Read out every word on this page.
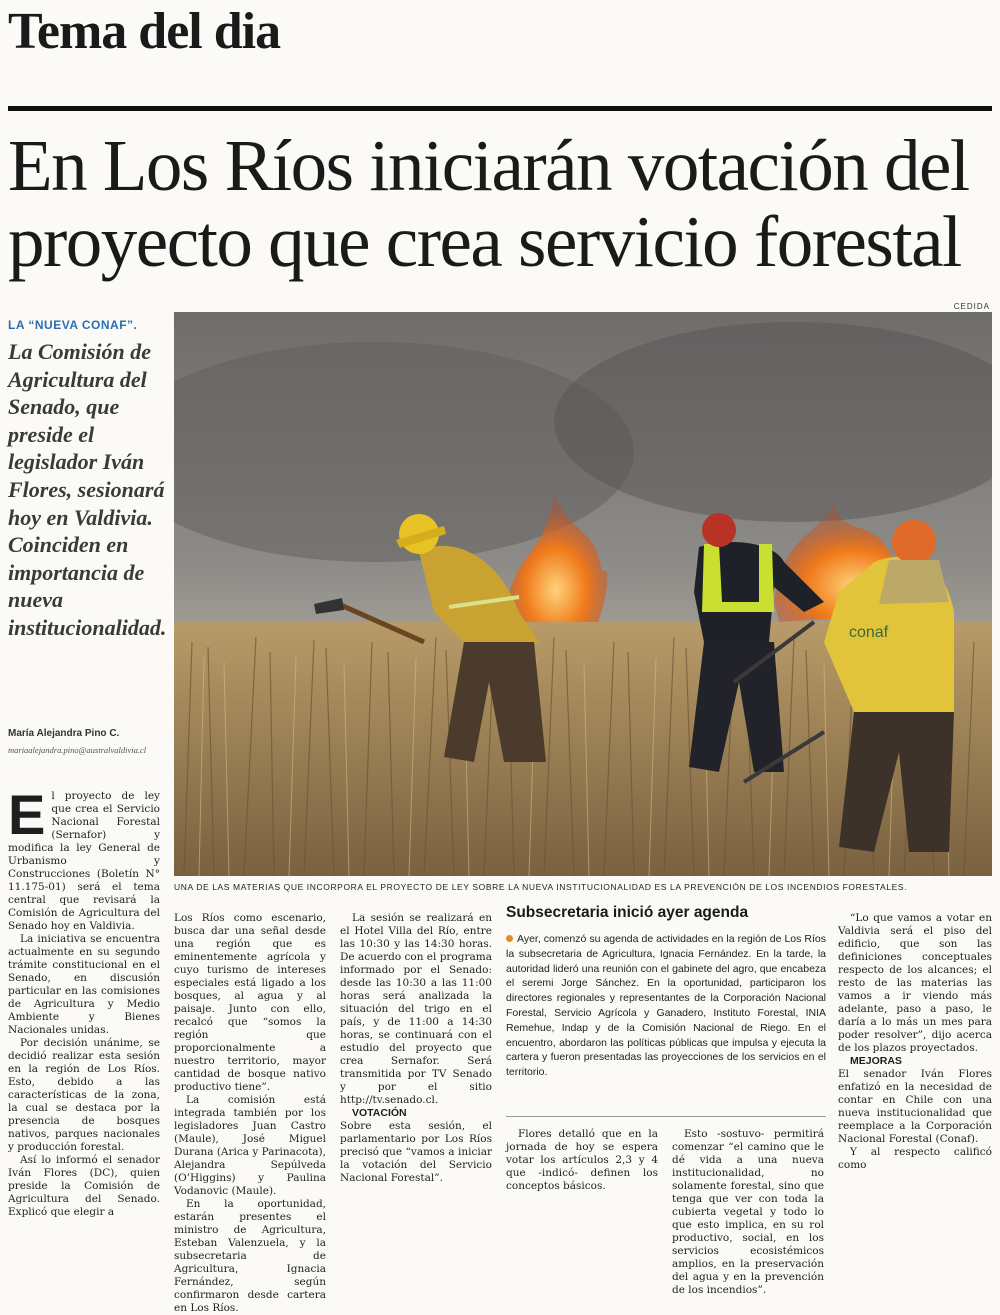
Tema del dia
En Los Ríos iniciarán votación del proyecto que crea servicio forestal
CEDIDA
LA “NUEVA CONAF”.
La Comisión de Agricultura del Senado, que preside el legislador Iván Flores, sesionará hoy en Valdivia. Coinciden en importancia de nueva institucionalidad.
María Alejandra Pino C.
mariaalejandra.pino@australvaldivia.cl
conaf
UNA DE LAS MATERIAS QUE INCORPORA EL PROYECTO DE LEY SOBRE LA NUEVA INSTITUCIONALIDAD ES LA PREVENCIÓN DE LOS INCENDIOS FORESTALES.

El proyecto de ley que crea el Servicio Nacional Forestal (Sernafor) y modifica la ley General de Urbanismo y Construcciones (Boletín N° 11.175-01) será el tema central que revisará la Comisión de Agricultura del Senado hoy en Valdivia.

La iniciativa se encuentra actualmente en su segundo trámite constitucional en el Senado, en discusión particular en las comisiones de Agricultura y Medio Ambiente y Bienes Nacionales unidas.

Por decisión unánime, se decidió realizar esta sesión en la región de Los Ríos. Esto, debido a las características de la zona, la cual se destaca por la presencia de bosques nativos, parques nacionales y producción forestal.

Así lo informó el senador Iván Flores (DC), quien preside la Comisión de Agricultura del Senado. Explicó que elegir a

Los Ríos como escenario, busca dar una señal desde una región que es eminentemente agrícola y cuyo turismo de intereses especiales está ligado a los bosques, al agua y al paisaje. Junto con ello, recalcó que “somos la región que proporcionalmente a nuestro territorio, mayor cantidad de bosque nativo productivo tiene”.

La comisión está integrada también por los legisladores Juan Castro (Maule), José Miguel Durana (Arica y Parinacota), Alejandra Sepúlveda (O’Higgins) y Paulina Vodanovic (Maule).

En la oportunidad, estarán presentes el ministro de Agricultura, Esteban Valenzuela, y la subsecretaria de Agricultura, Ignacia Fernández, según confirmaron desde cartera en Los Ríos.

La sesión se realizará en el Hotel Villa del Río, entre las 10:30 y las 14:30 horas. De acuerdo con el programa informado por el Senado: desde las 10:30 a las 11:00 horas será analizada la situación del trigo en el país, y de 11:00 a 14:30 horas, se continuará con el estudio del proyecto que crea Sernafor. Será transmitida por TV Senado y por el sitio http://tv.senado.cl.

VOTACIÓN

Sobre esta sesión, el parlamentario por Los Ríos precisó que “vamos a iniciar la votación del Servicio Nacional Forestal”.

Subsecretaria inició ayer agenda
Ayer, comenzó su agenda de actividades en la región de Los Ríos la subsecretaria de Agricultura, Ignacia Fernández. En la tarde, la autoridad lideró una reunión con el gabinete del agro, que encabeza el seremi Jorge Sánchez. En la oportunidad, participaron los directores regionales y representantes de la Corporación Nacional Forestal, Servicio Agrícola y Ganadero, Instituto Forestal, INIA Remehue, Indap y de la Comisión Nacional de Riego. En el encuentro, abordaron las políticas públicas que impulsa y ejecuta la cartera y fueron presentadas las proyecciones de los servicios en el territorio.

Flores detalló que en la jornada de hoy se espera votar los artículos 2,3 y 4 que -indicó- definen los conceptos básicos.

Esto -sostuvo- permitirá comenzar “el camino que le dé vida a una nueva institucionalidad, no solamente forestal, sino que tenga que ver con toda la cubierta vegetal y todo lo que esto implica, en su rol productivo, social, en los servicios ecosistémicos amplios, en la preservación del agua y en la prevención de los incendios”.

“Lo que vamos a votar en Valdivia será el piso del edificio, que son las definiciones conceptuales respecto de los alcances; el resto de las materias las vamos a ir viendo más adelante, paso a paso, le daría a lo más un mes para poder resolver”, dijo acerca de los plazos proyectados.

MEJORAS

El senador Iván Flores enfatizó en la necesidad de contar en Chile con una nueva institucionalidad que reemplace a la Corporación Nacional Forestal (Conaf).

Y al respecto calificó como
